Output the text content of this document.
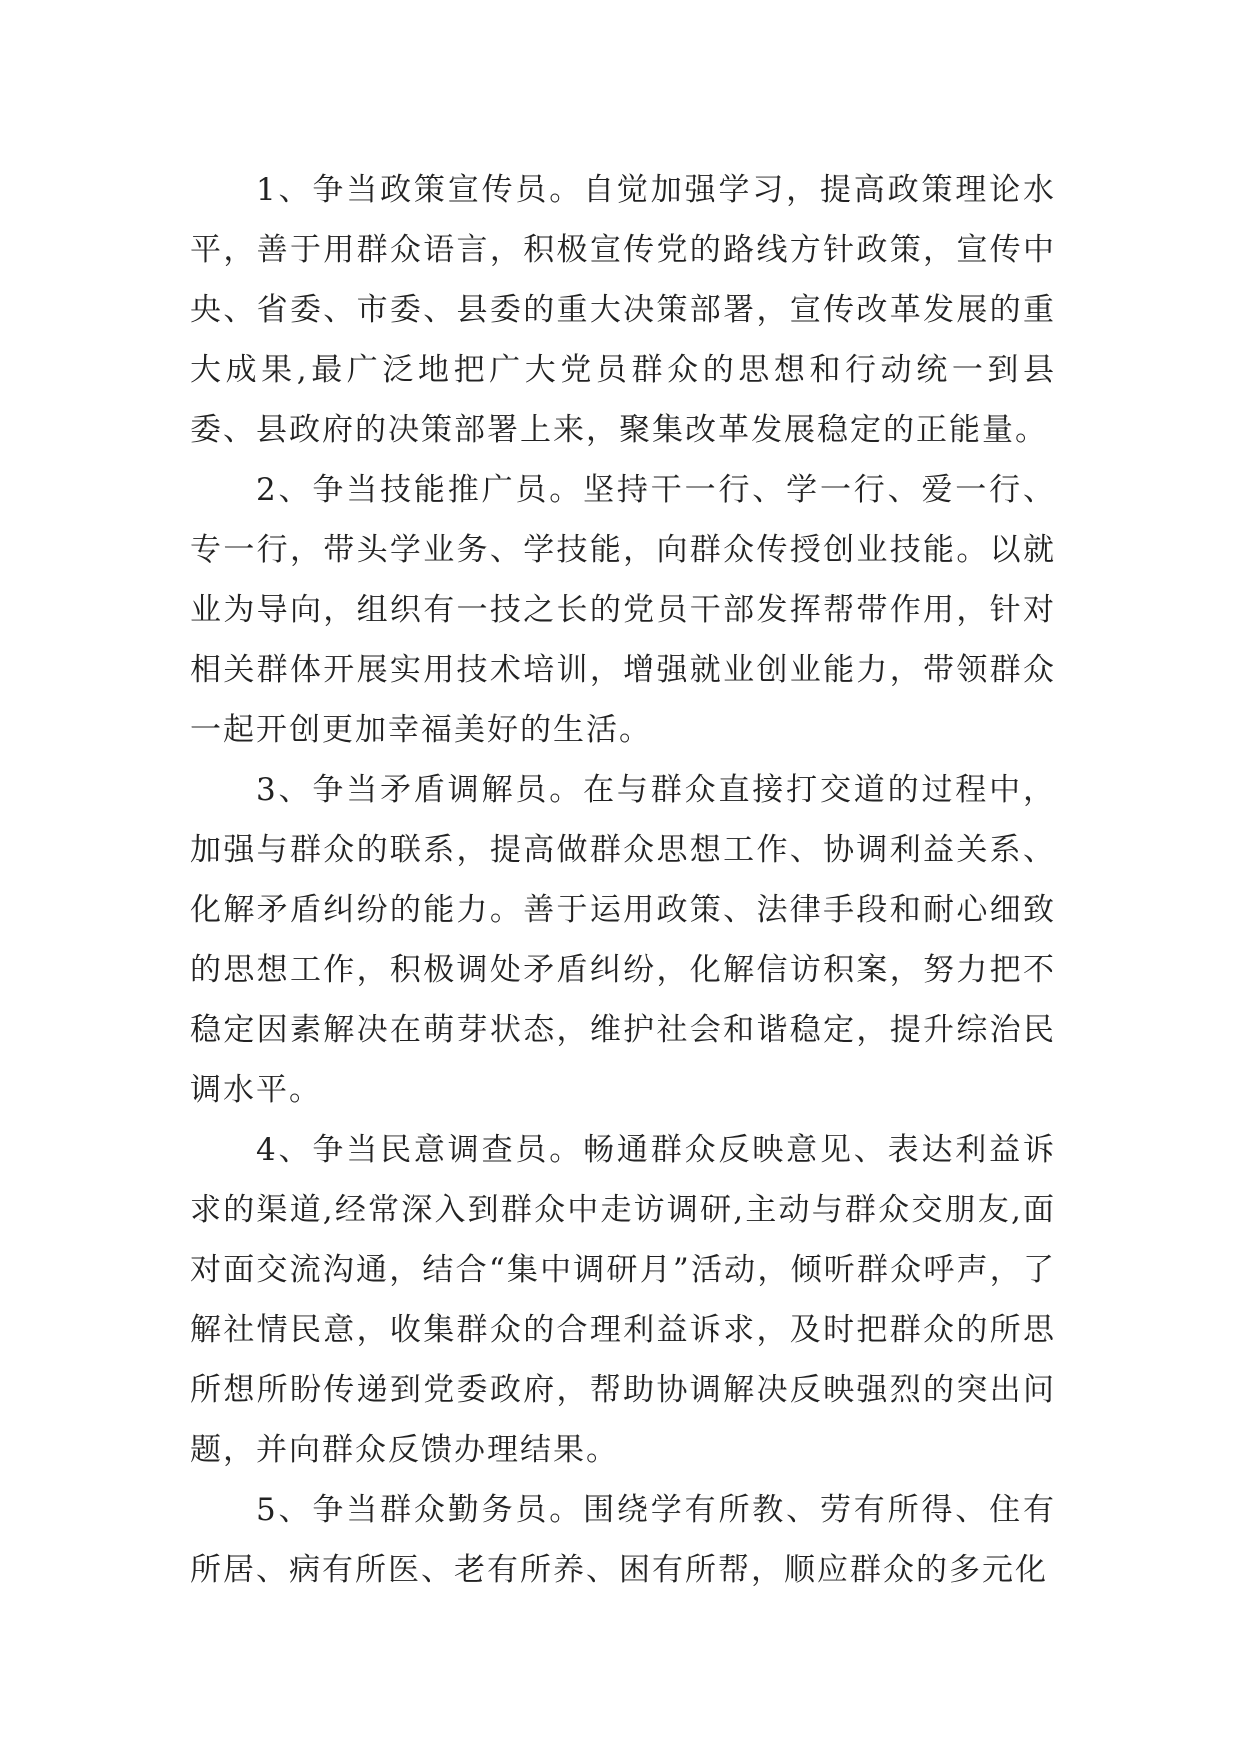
1、争当政策宣传员。自觉加强学习，提高政策理论水平，善于用群众语言，积极宣传党的路线方针政策，宣传中央、省委、市委、县委的重大决策部署，宣传改革发展的重大成果,最广泛地把广大党员群众的思想和行动统一到县委、县政府的决策部署上来，聚集改革发展稳定的正能量。

2、争当技能推广员。坚持干一行、学一行、爱一行、专一行，带头学业务、学技能，向群众传授创业技能。以就业为导向，组织有一技之长的党员干部发挥帮带作用，针对相关群体开展实用技术培训，增强就业创业能力，带领群众一起开创更加幸福美好的生活。

3、争当矛盾调解员。在与群众直接打交道的过程中，加强与群众的联系，提高做群众思想工作、协调利益关系、化解矛盾纠纷的能力。善于运用政策、法律手段和耐心细致的思想工作，积极调处矛盾纠纷，化解信访积案，努力把不稳定因素解决在萌芽状态，维护社会和谐稳定，提升综治民调水平。

4、争当民意调查员。畅通群众反映意见、表达利益诉求的渠道,经常深入到群众中走访调研,主动与群众交朋友,面对面交流沟通，结合“集中调研月”活动，倾听群众呼声，了解社情民意，收集群众的合理利益诉求，及时把群众的所思所想所盼传递到党委政府，帮助协调解决反映强烈的突出问题，并向群众反馈办理结果。

5、争当群众勤务员。围绕学有所教、劳有所得、住有所居、病有所医、老有所养、困有所帮，顺应群众的多元化
